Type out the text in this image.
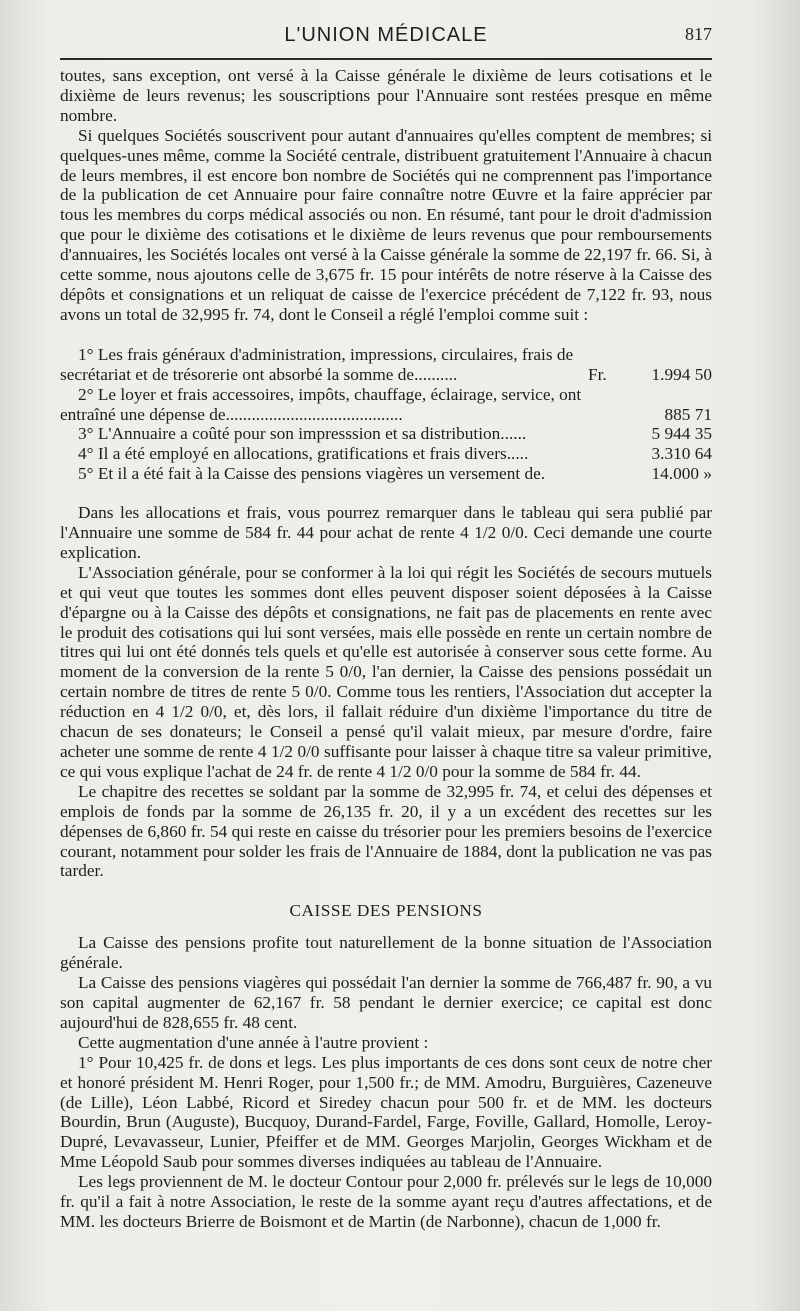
L'UNION MÉDICALE	817

toutes, sans exception, ont versé à la Caisse générale le dixième de leurs cotisations et le dixième de leurs revenus; les souscriptions pour l'Annuaire sont restées presque en même nombre.

Si quelques Sociétés souscrivent pour autant d'annuaires qu'elles comptent de membres; si quelques-unes même, comme la Société centrale, distribuent gratuitement l'Annuaire à chacun de leurs membres, il est encore bon nombre de Sociétés qui ne comprennent pas l'importance de la publication de cet Annuaire pour faire connaître notre Œuvre et la faire apprécier par tous les membres du corps médical associés ou non. En résumé, tant pour le droit d'admission que pour le dixième des cotisations et le dixième de leurs revenus que pour remboursements d'annuaires, les Sociétés locales ont versé à la Caisse générale la somme de 22,197 fr. 66. Si, à cette somme, nous ajoutons celle de 3,675 fr. 15 pour intérêts de notre réserve à la Caisse des dépôts et consignations et un reliquat de caisse de l'exercice précédent de 7,122 fr. 93, nous avons un total de 32,995 fr. 74, dont le Conseil a réglé l'emploi comme suit :

1° Les frais généraux d'administration, impressions, circulaires, frais de secrétariat et de trésorerie ont absorbé la somme de..........	Fr.	1.994 50
2° Le loyer et frais accessoires, impôts, chauffage, éclairage, service, ont entraîné une dépense de.........................................	885 71
3° L'Annuaire a coûté pour son impresssion et sa distribution......	5 944 35
4° Il a été employé en allocations, gratifications et frais divers.....	3.310 64
5° Et il a été fait à la Caisse des pensions viagères un versement de.	14.000 »

Dans les allocations et frais, vous pourrez remarquer dans le tableau qui sera publié par l'Annuaire une somme de 584 fr. 44 pour achat de rente 4 1/2 0/0. Ceci demande une courte explication.

L'Association générale, pour se conformer à la loi qui régit les Sociétés de secours mutuels et qui veut que toutes les sommes dont elles peuvent disposer soient déposées à la Caisse d'épargne ou à la Caisse des dépôts et consignations, ne fait pas de placements en rente avec le produit des cotisations qui lui sont versées, mais elle possède en rente un certain nombre de titres qui lui ont été donnés tels quels et qu'elle est autorisée à conserver sous cette forme. Au moment de la conversion de la rente 5 0/0, l'an dernier, la Caisse des pensions possédait un certain nombre de titres de rente 5 0/0. Comme tous les rentiers, l'Association dut accepter la réduction en 4 1/2 0/0, et, dès lors, il fallait réduire d'un dixième l'importance du titre de chacun de ses donateurs; le Conseil a pensé qu'il valait mieux, par mesure d'ordre, faire acheter une somme de rente 4 1/2 0/0 suffisante pour laisser à chaque titre sa valeur primitive, ce qui vous explique l'achat de 24 fr. de rente 4 1/2 0/0 pour la somme de 584 fr. 44.

Le chapitre des recettes se soldant par la somme de 32,995 fr. 74, et celui des dépenses et emplois de fonds par la somme de 26,135 fr. 20, il y a un excédent des recettes sur les dépenses de 6,860 fr. 54 qui reste en caisse du trésorier pour les premiers besoins de l'exercice courant, notamment pour solder les frais de l'Annuaire de 1884, dont la publication ne vas pas tarder.

CAISSE DES PENSIONS

La Caisse des pensions profite tout naturellement de la bonne situation de l'Association générale.

La Caisse des pensions viagères qui possédait l'an dernier la somme de 766,487 fr. 90, a vu son capital augmenter de 62,167 fr. 58 pendant le dernier exercice; ce capital est donc aujourd'hui de 828,655 fr. 48 cent.

Cette augmentation d'une année à l'autre provient :

1° Pour 10,425 fr. de dons et legs. Les plus importants de ces dons sont ceux de notre cher et honoré président M. Henri Roger, pour 1,500 fr.; de MM. Amodru, Burguières, Cazeneuve (de Lille), Léon Labbé, Ricord et Siredey chacun pour 500 fr. et de MM. les docteurs Bourdin, Brun (Auguste), Bucquoy, Durand-Fardel, Farge, Foville, Gallard, Homolle, Leroy-Dupré, Levavasseur, Lunier, Pfeiffer et de MM. Georges Marjolin, Georges Wickham et de Mme Léopold Saub pour sommes diverses indiquées au tableau de l'Annuaire.

Les legs proviennent de M. le docteur Contour pour 2,000 fr. prélevés sur le legs de 10,000 fr. qu'il a fait à notre Association, le reste de la somme ayant reçu d'autres affectations, et de MM. les docteurs Brierre de Boismont et de Martin (de Narbonne), chacun de 1,000 fr.
